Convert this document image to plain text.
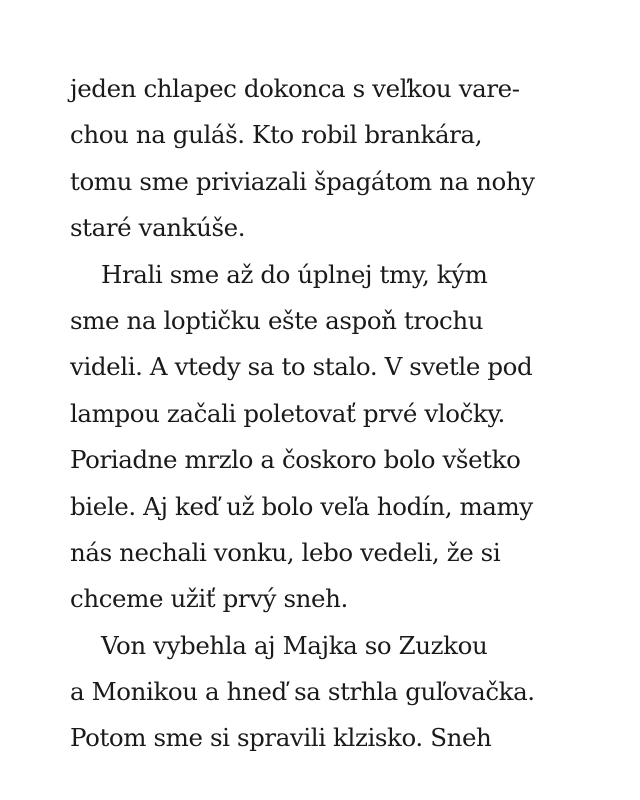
jeden chlapec dokonca s veľkou vare-
chou na guláš. Kto robil brankára,
tomu sme priviazali špagátom na nohy
staré vankúše.
Hrali sme až do úplnej tmy, kým
sme na loptičku ešte aspoň trochu
videli. A vtedy sa to stalo. V svetle pod
lampou začali poletovať prvé vločky.
Poriadne mrzlo a čoskoro bolo všetko
biele. Aj keď už bolo veľa hodín, mamy
nás nechali vonku, lebo vedeli, že si
chceme užiť prvý sneh.
Von vybehla aj Majka so Zuzkou
a Monikou a hneď sa strhla guľovačka.
Potom sme si spravili klzisko. Sneh
